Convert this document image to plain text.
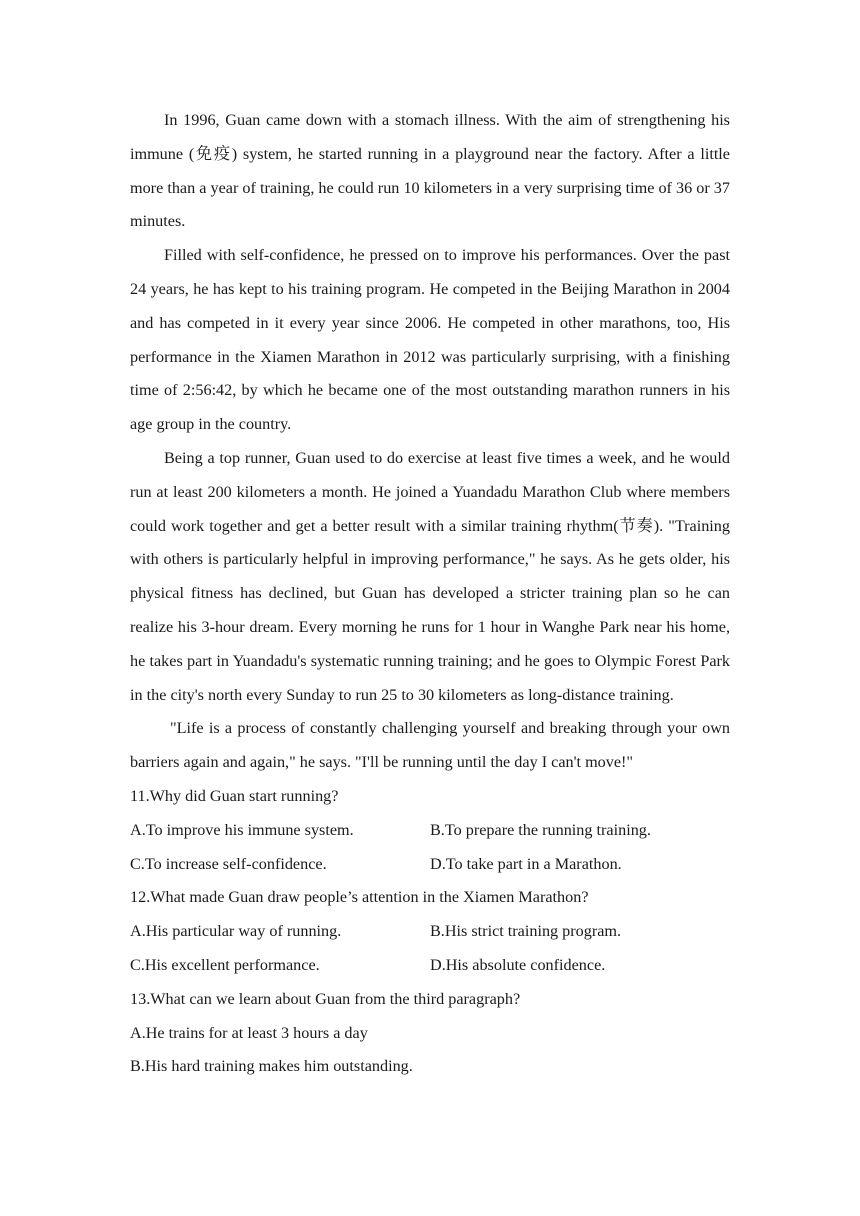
In 1996, Guan came down with a stomach illness. With the aim of strengthening his immune (免疫) system, he started running in a playground near the factory. After a little more than a year of training, he could run 10 kilometers in a very surprising time of 36 or 37 minutes.

Filled with self-confidence, he pressed on to improve his performances. Over the past 24 years, he has kept to his training program. He competed in the Beijing Marathon in 2004 and has competed in it every year since 2006. He competed in other marathons, too, His performance in the Xiamen Marathon in 2012 was particularly surprising, with a finishing time of 2:56:42, by which he became one of the most outstanding marathon runners in his age group in the country.

Being a top runner, Guan used to do exercise at least five times a week, and he would run at least 200 kilometers a month. He joined a Yuandadu Marathon Club where members could work together and get a better result with a similar training rhythm(节奏). "Training with others is particularly helpful in improving performance," he says. As he gets older, his physical fitness has declined, but Guan has developed a stricter training plan so he can realize his 3-hour dream. Every morning he runs for 1 hour in Wanghe Park near his home, he takes part in Yuandadu's systematic running training; and he goes to Olympic Forest Park in the city's north every Sunday to run 25 to 30 kilometers as long-distance training.

"Life is a process of constantly challenging yourself and breaking through your own barriers again and again," he says. "I'll be running until the day I can't move!"

11.Why did Guan start running?

A.To improve his immune system.	B.To prepare the running training.

C.To increase self-confidence.	D.To take part in a Marathon.

12.What made Guan draw people’s attention in the Xiamen Marathon?

A.His particular way of running.	B.His strict training program.

C.His excellent performance.	D.His absolute confidence.

13.What can we learn about Guan from the third paragraph?

A.He trains for at least 3 hours a day

B.His hard training makes him outstanding.
